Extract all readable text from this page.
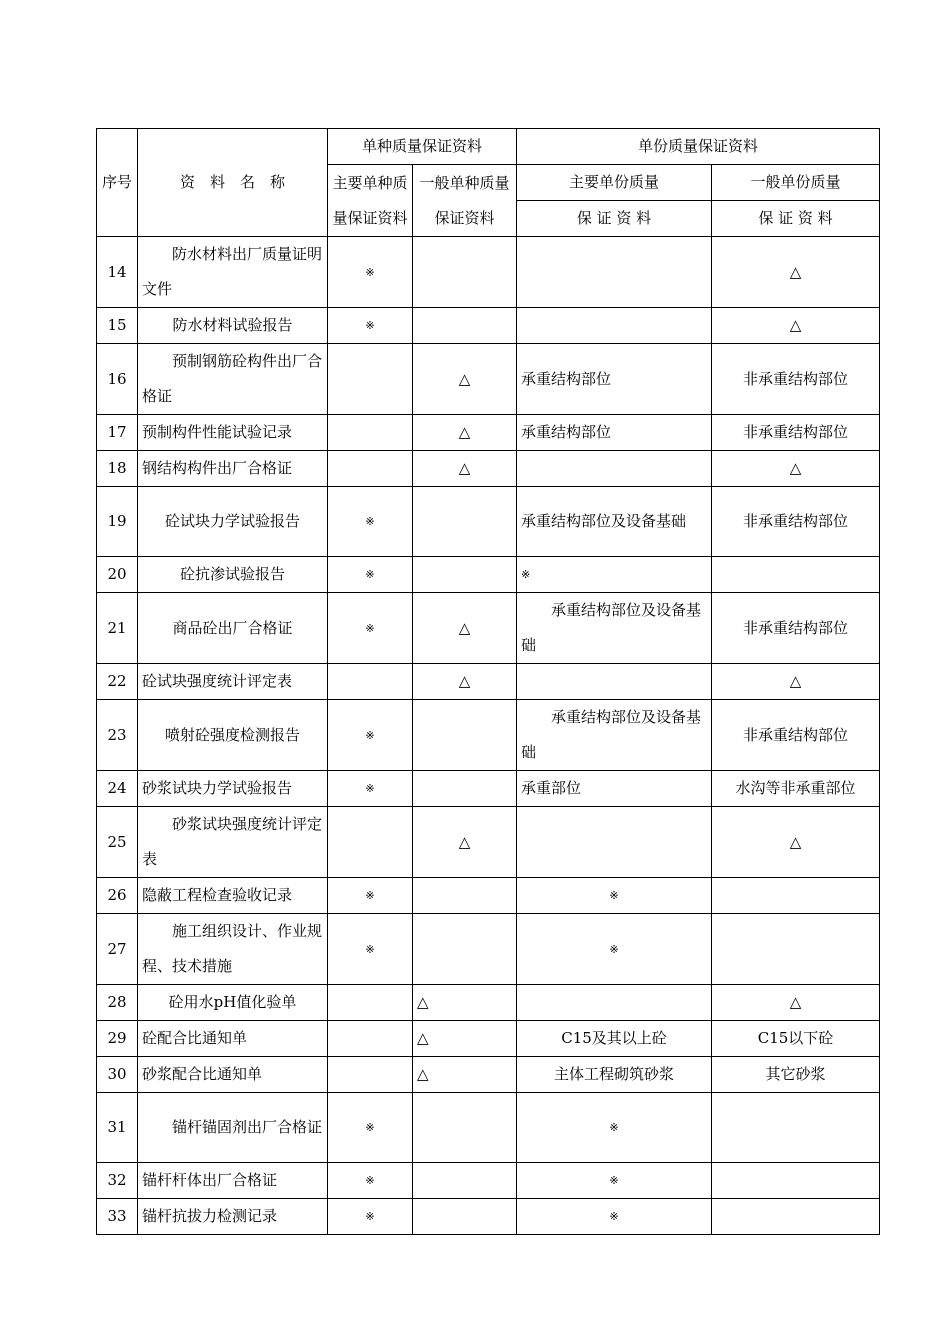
序号	资　料　名　称	单种质量保证资料		单份质量保证资料	
		主要单种质量保证资料	一般单种质量保证资料	主要单份质量	一般单份质量
				保 证 资 料	保 证 资 料
14	防水材料出厂质量证明文件	※			△
15	防水材料试验报告	※			△
16	预制钢筋砼构件出厂合格证		△	承重结构部位	非承重结构部位
17	预制构件性能试验记录		△	承重结构部位	非承重结构部位
18	钢结构构件出厂合格证		△		△
19	砼试块力学试验报告	※		承重结构部位及设备基础	非承重结构部位
20	砼抗渗试验报告	※		※	
21	商品砼出厂合格证	※	△	承重结构部位及设备基础	非承重结构部位
22	砼试块强度统计评定表		△		△
23	喷射砼强度检测报告	※		承重结构部位及设备基础	非承重结构部位
24	砂浆试块力学试验报告	※		承重部位	水沟等非承重部位
25	砂浆试块强度统计评定表		△		△
26	隐蔽工程检查验收记录	※		※	
27	施工组织设计、作业规程、技术措施	※		※	
28	砼用水pH值化验单		△		△
29	砼配合比通知单		△	C15及其以上砼	C15以下砼
30	砂浆配合比通知单		△	主体工程砌筑砂浆	其它砂浆
31	锚杆锚固剂出厂合格证	※		※	
32	锚杆杆体出厂合格证	※		※	
33	锚杆抗拔力检测记录	※		※	
